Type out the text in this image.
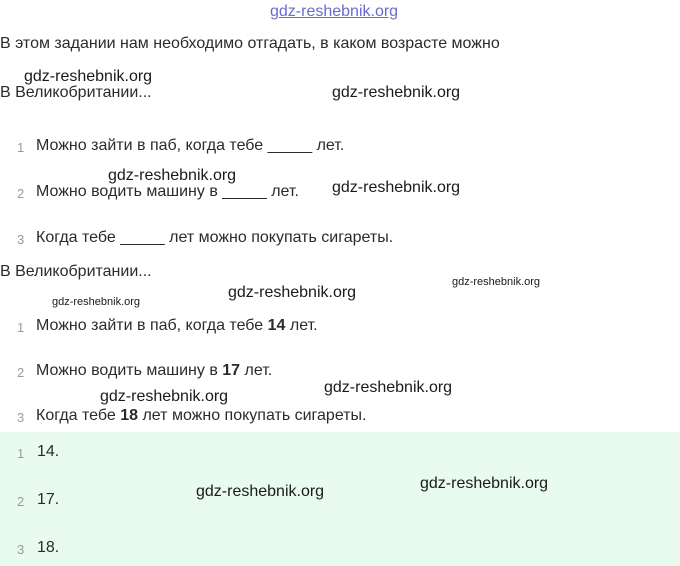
gdz-reshebnik.org
В этом задании нам необходимо отгадать, в каком возрасте можно
В Великобритании...
1 Можно зайти в паб, когда тебе _____ лет.
2 Можно водить машину в _____ лет.
3 Когда тебе _____ лет можно покупать сигареты.
В Великобритании...
1 Можно зайти в паб, когда тебе 14 лет.
2 Можно водить машину в 17 лет.
3 Когда тебе 18 лет можно покупать сигареты.
1 14.
2 17.
3 18.
gdz-reshebnik.org
gdz-reshebnik.org
gdz-reshebnik.org
gdz-reshebnik.org
gdz-reshebnik.org
gdz-reshebnik.org
gdz-reshebnik.org
gdz-reshebnik.org
gdz-reshebnik.org
gdz-reshebnik.org
gdz-reshebnik.org
